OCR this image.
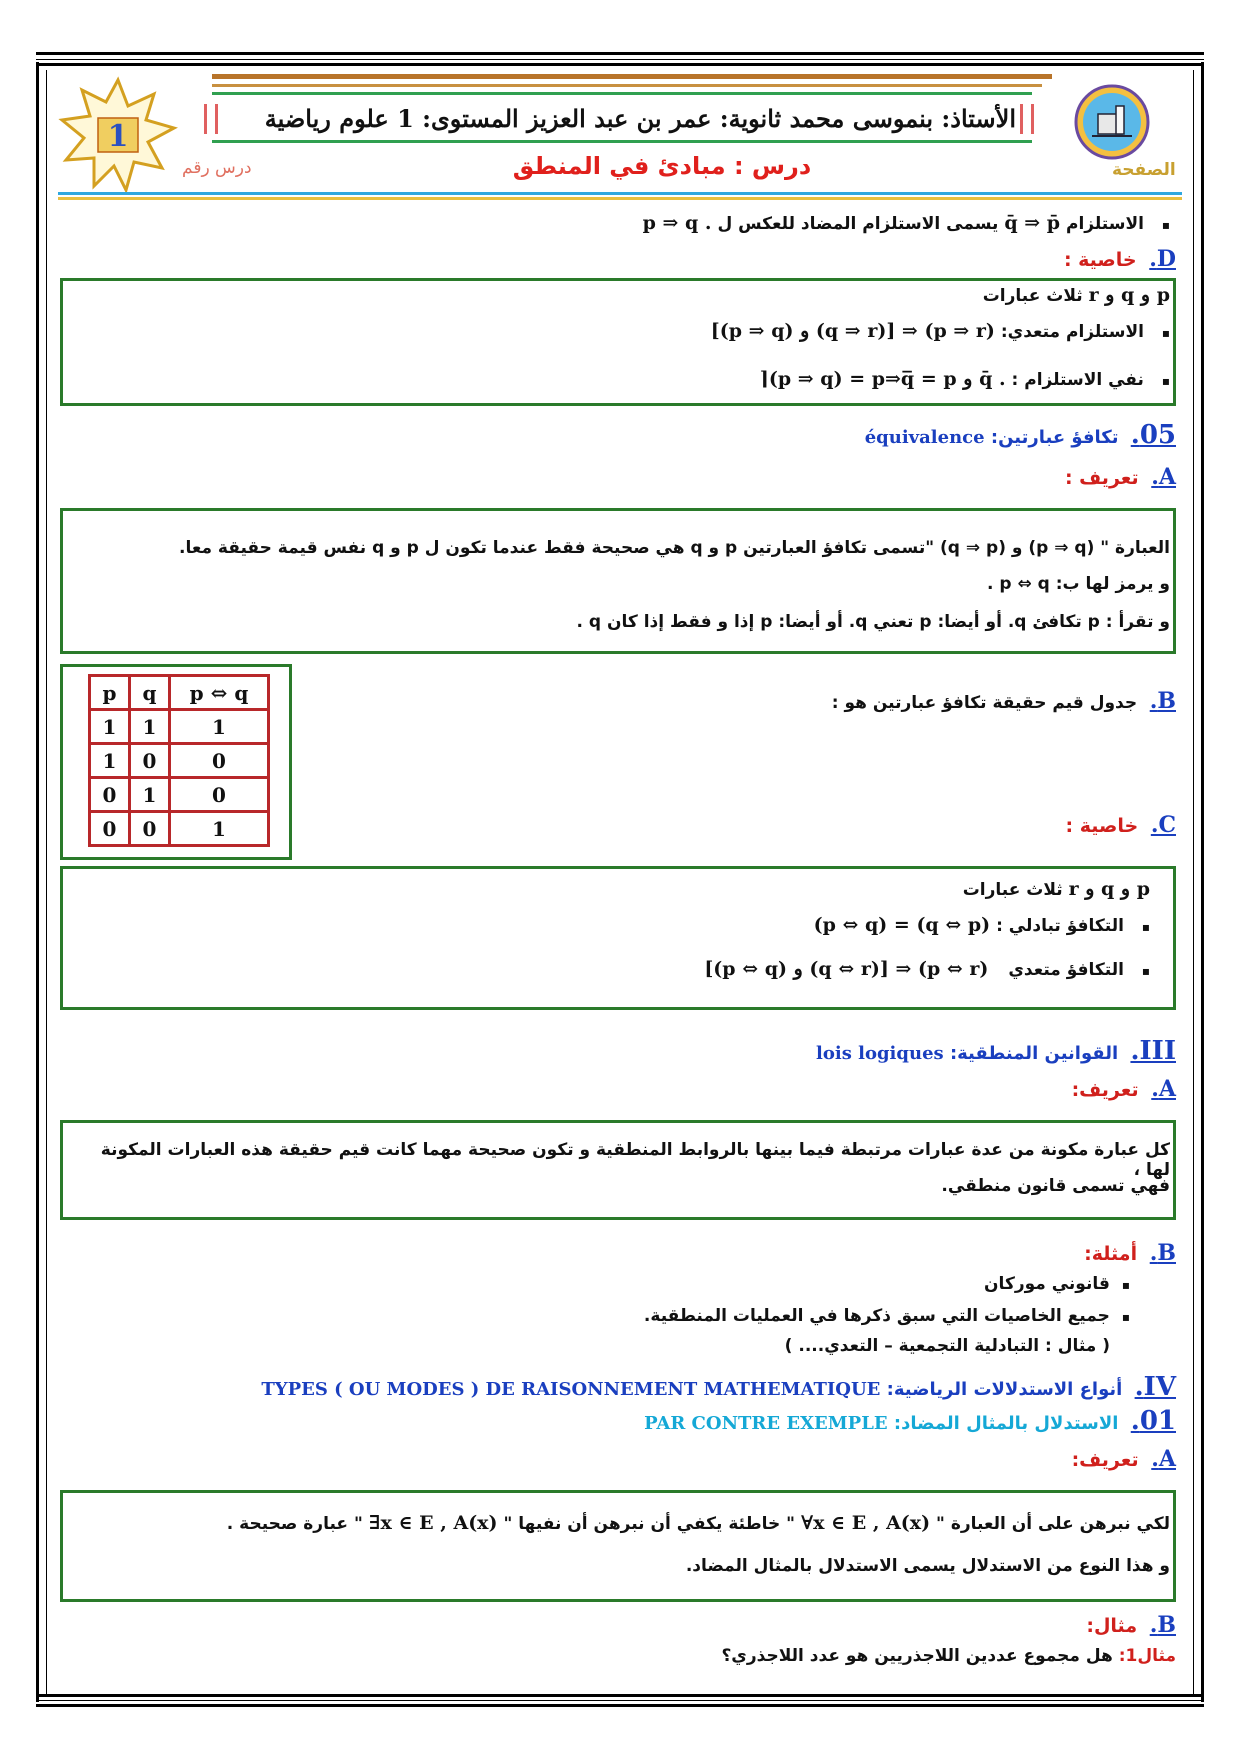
1
الأستاذ: بنموسى محمد ثانوية: عمر بن عبد العزيز المستوى: 1 علوم رياضية
درس : مبادئ في المنطق	الصفحة
درس رقم
▪ الاستلزام q̄ ⇒ p̄ يسمى الاستلزام المضاد للعكس ل p ⇒ q .
D. خاصية :
p و q و r ثلاث عبارات
▪ الاستلزام متعدي: [(p ⇒ q) و (q ⇒ r)] ⇒ (p ⇒ r)
▪ نفي الاستلزام : ⌉(p ⇒ q) = p⇒q̅ = p و q̄ .
05. تكافؤ عبارتين: équivalence
A. تعريف :
العبارة " (p ⇒ q) و (q ⇒ p) "تسمى تكافؤ العبارتين p و q هي صحيحة فقط عندما تكون ل p و q نفس قيمة حقيقة معا.
و يرمز لها ب: p ⇔ q .
و تقرأ : p تكافئ q. أو أيضا: p تعني q. أو أيضا: p إذا و فقط إذا كان q .
p	q	p ⇔ q
1	1	1
1	0	0
0	1	0
0	0	1
B. جدول قيم حقيقة تكافؤ عبارتين هو :
C. خاصية :
p و q و r ثلاث عبارات
▪ التكافؤ تبادلي : (p ⇔ q) = (q ⇔ p)
▪ التكافؤ متعدي [(p ⇔ q) و (q ⇔ r)] ⇒ (p ⇔ r)
III. القوانين المنطقية: lois logiques
A. تعريف:
كل عبارة مكونة من عدة عبارات مرتبطة فيما بينها بالروابط المنطقية و تكون صحيحة مهما كانت قيم حقيقة هذه العبارات المكونة لها ،
فهي تسمى قانون منطقي.
B. أمثلة:
▪ قانوني موركان
▪ جميع الخاصيات التي سبق ذكرها في العمليات المنطقية.
( مثال : التبادلية التجمعية – التعدي.... )
IV. أنواع الاستدلالات الرياضية: TYPES ( OU MODES ) DE RAISONNEMENT MATHEMATIQUE
01. الاستدلال بالمثال المضاد: PAR CONTRE EXEMPLE
A. تعريف:
لكي نبرهن على أن العبارة " ∀x ∈ E , A(x) " خاطئة يكفي أن نبرهن أن نفيها " ∃x ∈ E , A(x) " عبارة صحيحة .
و هذا النوع من الاستدلال يسمى الاستدلال بالمثال المضاد.
B. مثال:
مثال1: هل مجموع عددين اللاجذريين هو عدد اللاجذري؟
